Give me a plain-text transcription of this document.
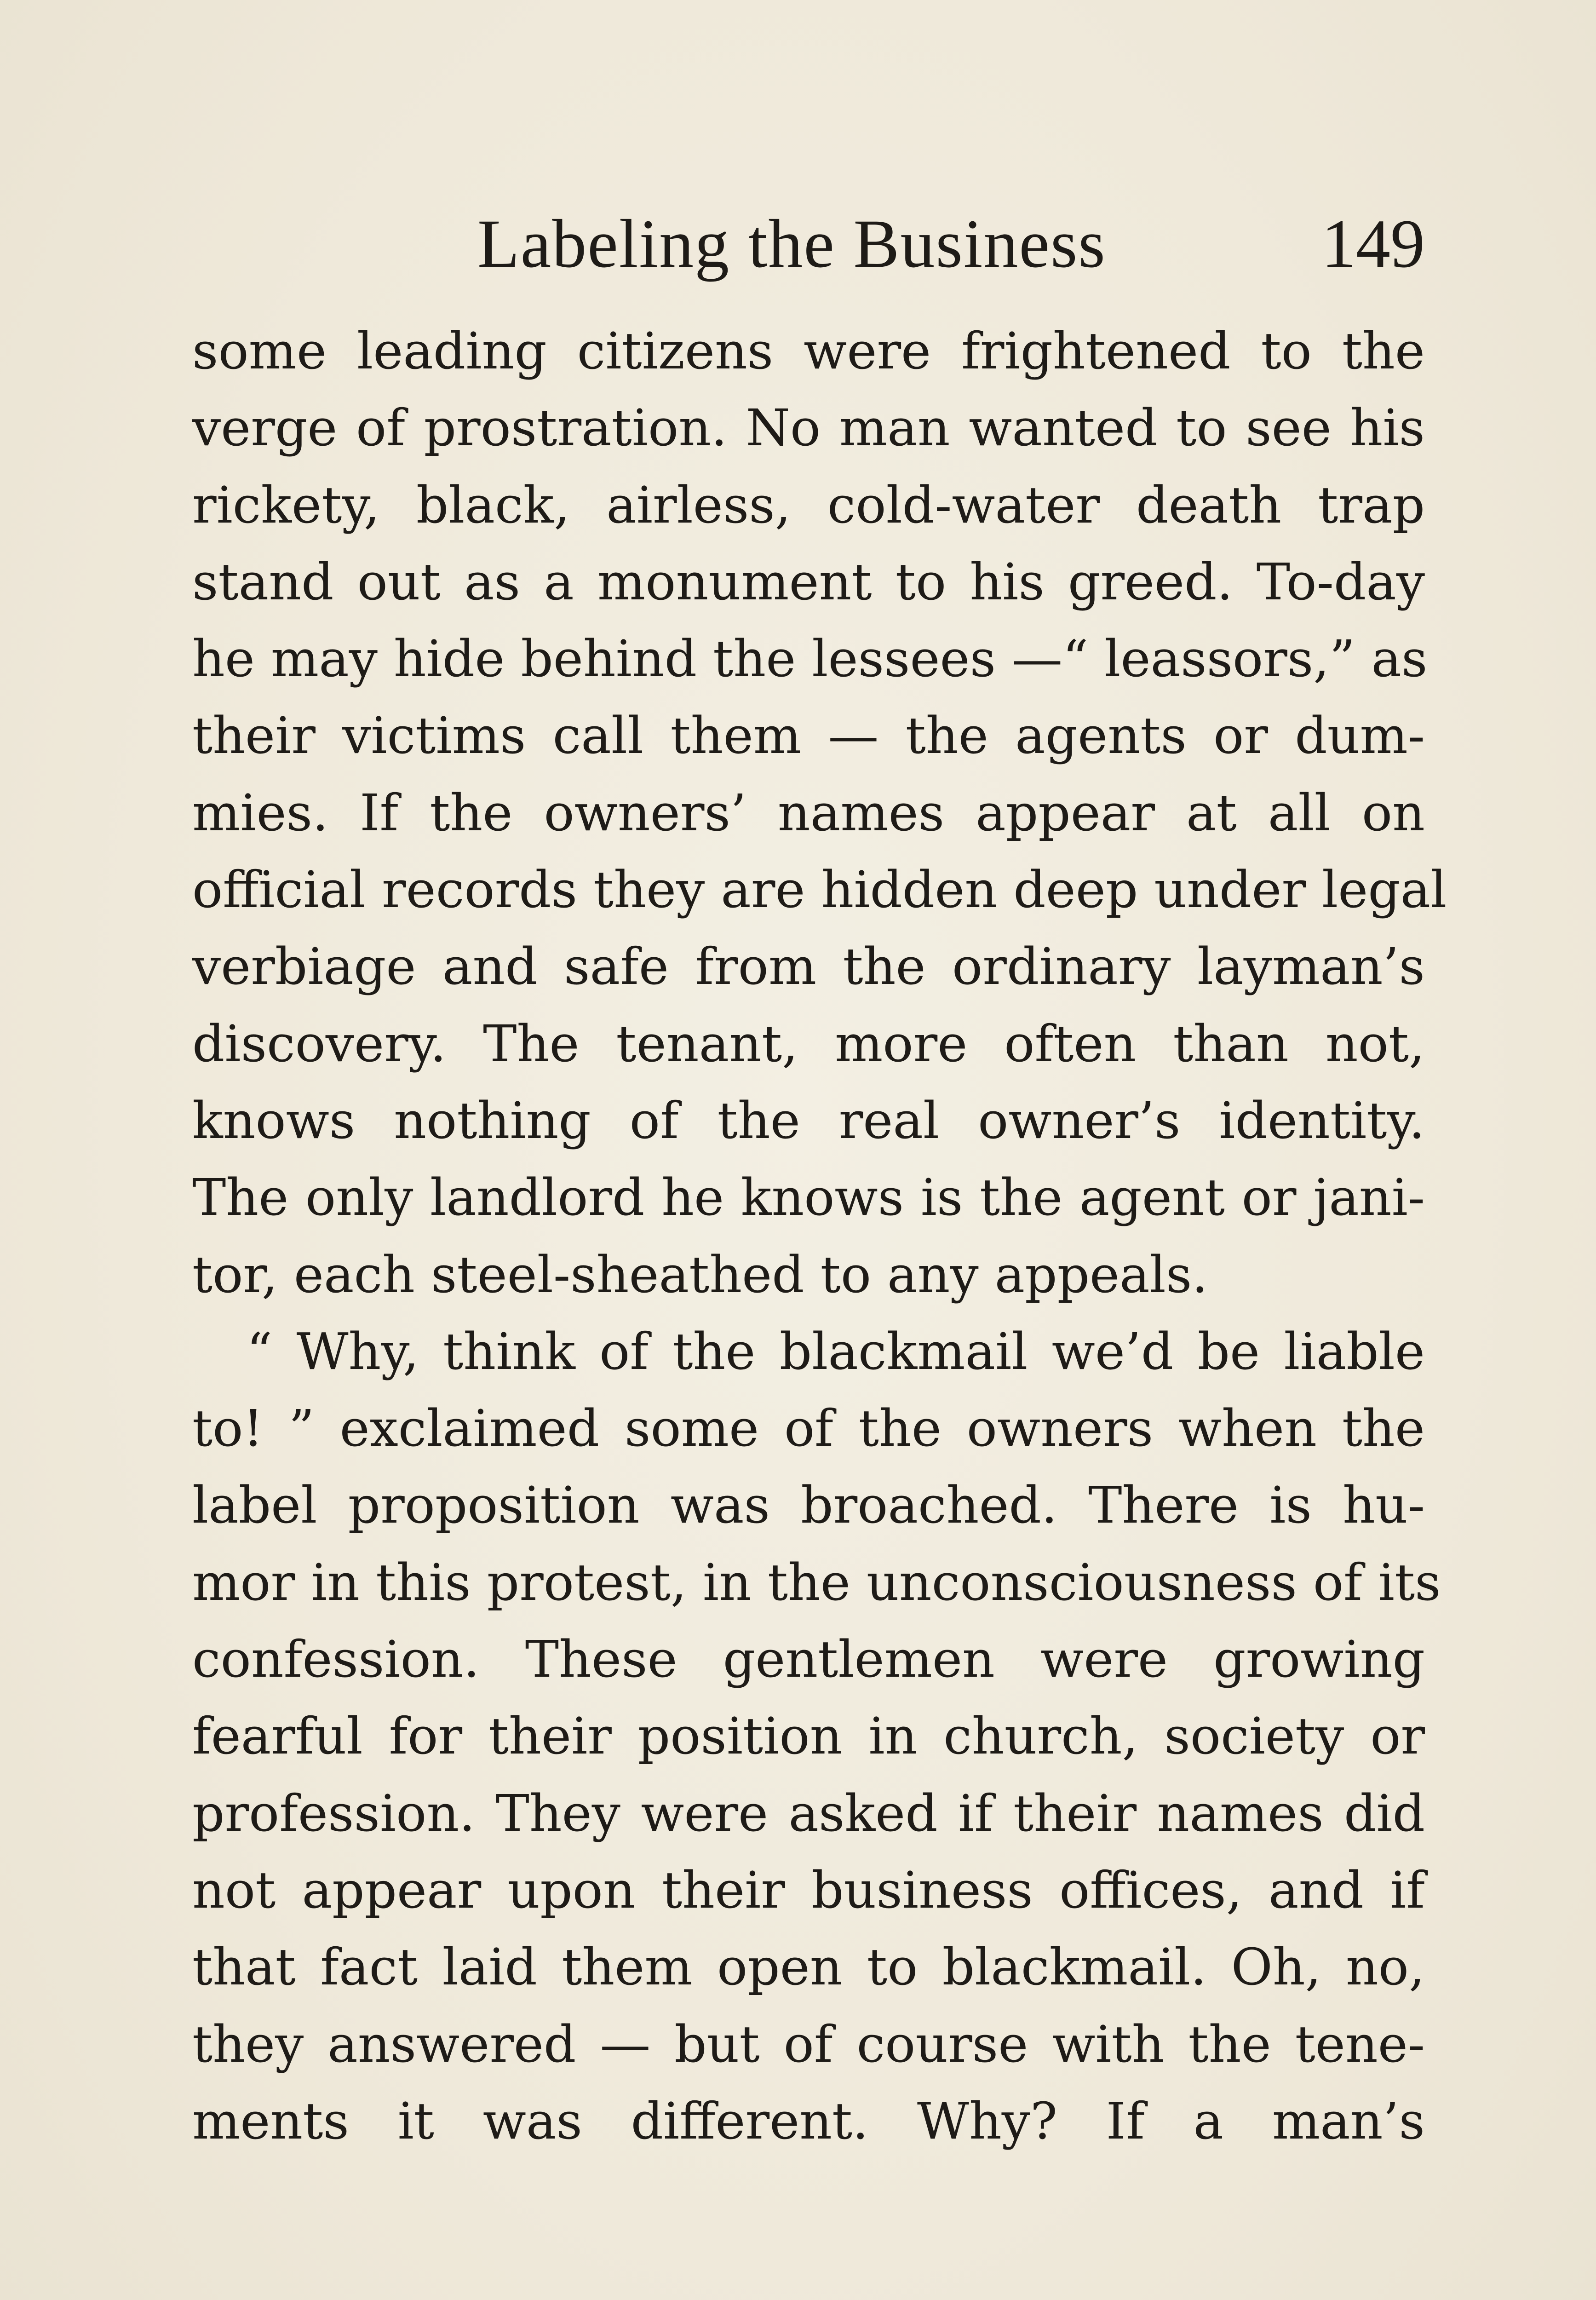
Labeling the Business	149
some leading citizens were frightened to the
verge of prostration. No man wanted to see his
rickety, black, airless, cold-water death trap
stand out as a monument to his greed. To-day
he may hide behind the lessees —“ leassors,” as
their victims call them — the agents or dum-
mies. If the owners’ names appear at all on
official records they are hidden deep under legal
verbiage and safe from the ordinary layman’s
discovery. The tenant, more often than not,
knows nothing of the real owner’s identity.
The only landlord he knows is the agent or jani-
tor, each steel-sheathed to any appeals.
“ Why, think of the blackmail we’d be liable
to! ” exclaimed some of the owners when the
label proposition was broached. There is hu-
mor in this protest, in the unconsciousness of its
confession. These gentlemen were growing
fearful for their position in church, society or
profession. They were asked if their names did
not appear upon their business offices, and if
that fact laid them open to blackmail. Oh, no,
they answered — but of course with the tene-
ments it was different. Why? If a man’s
